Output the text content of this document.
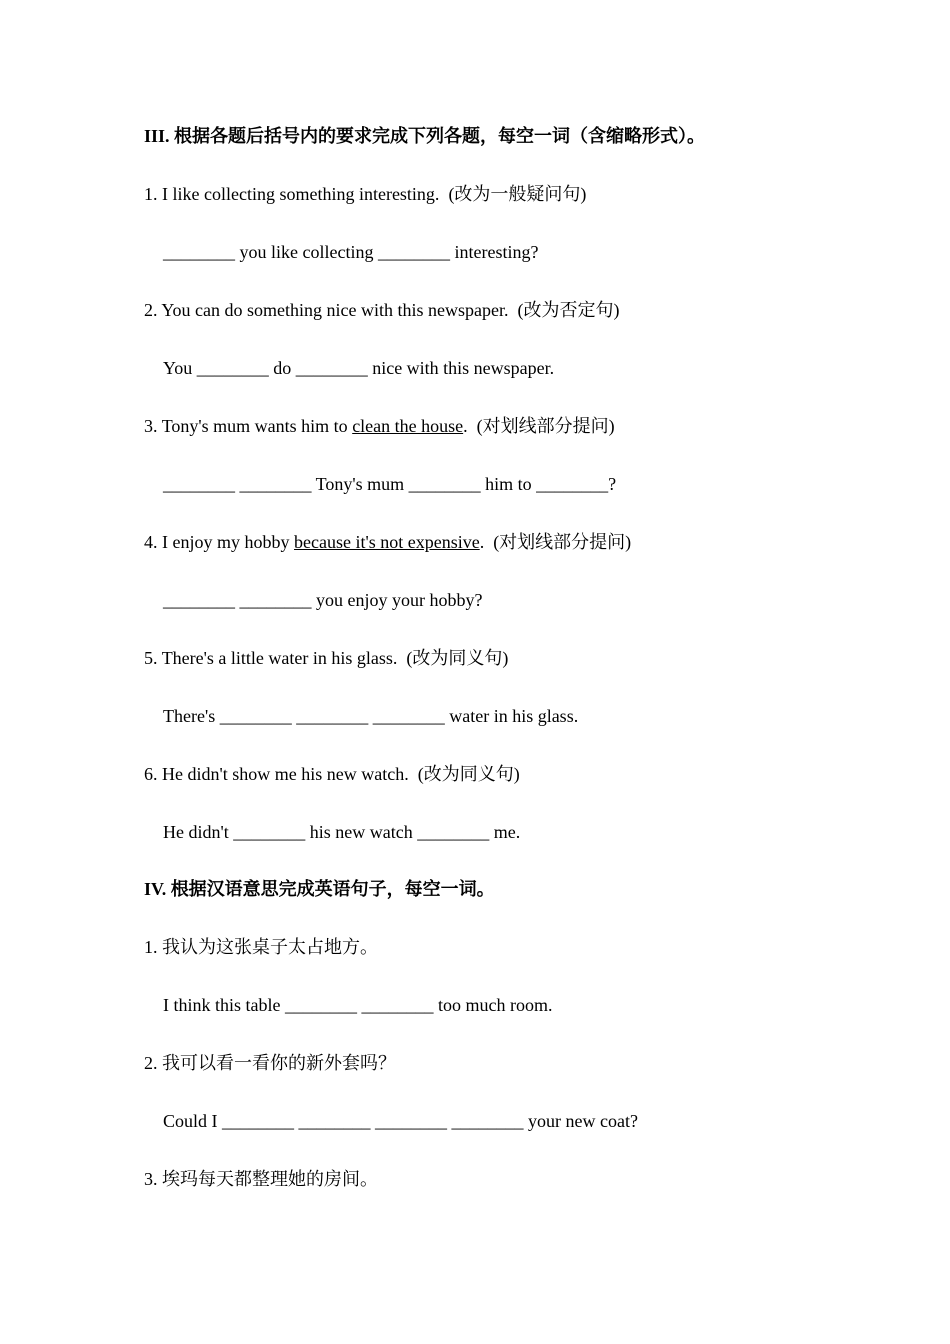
III. 根据各题后括号内的要求完成下列各题，每空一词（含缩略形式）。
1. I like collecting something interesting. (改为一般疑问句)
________ you like collecting ________ interesting?
2. You can do something nice with this newspaper. (改为否定句)
You ________ do ________ nice with this newspaper.
3. Tony's mum wants him to clean the house. (对划线部分提问)
________ ________ Tony's mum ________ him to ________?
4. I enjoy my hobby because it's not expensive. (对划线部分提问)
________ ________ you enjoy your hobby?
5. There's a little water in his glass. (改为同义句)
There's ________ ________ ________ water in his glass.
6. He didn't show me his new watch. (改为同义句)
He didn't ________ his new watch ________ me.
IV. 根据汉语意思完成英语句子，每空一词。
1. 我认为这张桌子太占地方。
I think this table ________ ________ too much room.
2. 我可以看一看你的新外套吗？
Could I ________ ________ ________ ________ your new coat?
3. 埃玛每天都整理她的房间。
